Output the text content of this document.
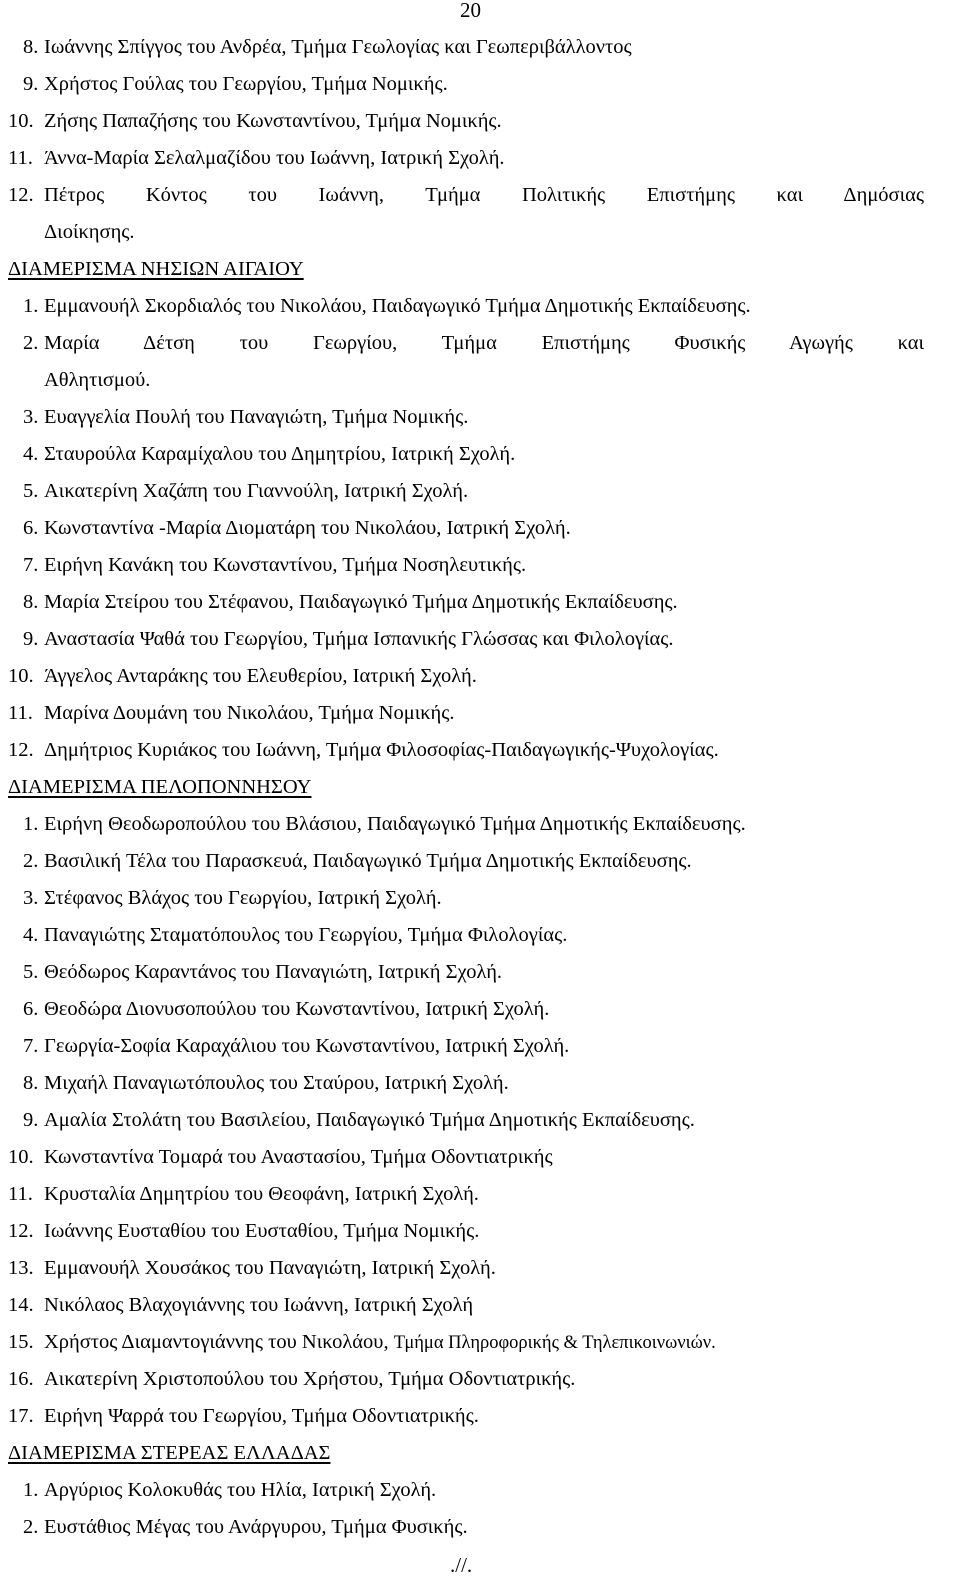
20
8. Ιωάννης Σπίγγος του Ανδρέα, Τμήμα Γεωλογίας και Γεωπεριβάλλοντος
9. Χρήστος Γούλας του Γεωργίου, Τμήμα Νομικής.
10. Ζήσης Παπαζήσης του Κωνσταντίνου, Τμήμα Νομικής.
11. Άννα-Μαρία Σελαλμαζίδου του Ιωάννη, Ιατρική Σχολή.
12. Πέτρος Κόντος του Ιωάννη, Τμήμα Πολιτικής Επιστήμης και Δημόσιας
Διοίκησης.
ΔΙΑΜΕΡΙΣΜΑ ΝΗΣΙΩΝ ΑΙΓΑΙΟΥ
1. Εμμανουήλ Σκορδιαλός του Νικολάου, Παιδαγωγικό Τμήμα Δημοτικής Εκπαίδευσης.
2. Μαρία Δέτση του Γεωργίου, Τμήμα Επιστήμης Φυσικής Αγωγής και
Αθλητισμού.
3. Ευαγγελία Πουλή του Παναγιώτη, Τμήμα Νομικής.
4. Σταυρούλα Καραμίχαλου του Δημητρίου, Ιατρική Σχολή.
5. Αικατερίνη Χαζάπη του Γιαννούλη, Ιατρική Σχολή.
6. Κωνσταντίνα -Μαρία Διοματάρη του Νικολάου, Ιατρική Σχολή.
7. Ειρήνη Κανάκη του Κωνσταντίνου, Τμήμα Νοσηλευτικής.
8. Μαρία Στείρου του Στέφανου, Παιδαγωγικό Τμήμα Δημοτικής Εκπαίδευσης.
9. Αναστασία Ψαθά του Γεωργίου, Τμήμα Ισπανικής Γλώσσας και Φιλολογίας.
10. Άγγελος Ανταράκης του Ελευθερίου, Ιατρική Σχολή.
11. Μαρίνα Δουμάνη του Νικολάου, Τμήμα Νομικής.
12. Δημήτριος Κυριάκος του Ιωάννη, Τμήμα Φιλοσοφίας-Παιδαγωγικής-Ψυχολογίας.
ΔΙΑΜΕΡΙΣΜΑ ΠΕΛΟΠΟΝΝΗΣΟΥ
1. Ειρήνη Θεοδωροπούλου του Βλάσιου, Παιδαγωγικό Τμήμα Δημοτικής Εκπαίδευσης.
2. Βασιλική Τέλα του Παρασκευά, Παιδαγωγικό Τμήμα Δημοτικής Εκπαίδευσης.
3. Στέφανος Βλάχος του Γεωργίου, Ιατρική Σχολή.
4. Παναγιώτης Σταματόπουλος του Γεωργίου, Τμήμα Φιλολογίας.
5. Θεόδωρος Καραντάνος του Παναγιώτη, Ιατρική Σχολή.
6. Θεοδώρα Διονυσοπούλου του Κωνσταντίνου, Ιατρική Σχολή.
7. Γεωργία-Σοφία Καραχάλιου του Κωνσταντίνου, Ιατρική Σχολή.
8. Μιχαήλ Παναγιωτόπουλος του Σταύρου, Ιατρική Σχολή.
9. Αμαλία Στολάτη του Βασιλείου, Παιδαγωγικό Τμήμα Δημοτικής Εκπαίδευσης.
10. Κωνσταντίνα Τομαρά του Αναστασίου, Τμήμα Οδοντιατρικής
11. Κρυσταλία Δημητρίου του Θεοφάνη, Ιατρική Σχολή.
12. Ιωάννης Ευσταθίου του Ευσταθίου, Τμήμα Νομικής.
13. Εμμανουήλ Χουσάκος του Παναγιώτη, Ιατρική Σχολή.
14. Νικόλαος Βλαχογιάννης του Ιωάννη, Ιατρική Σχολή
15. Χρήστος Διαμαντογιάννης του Νικολάου, Τμήμα Πληροφορικής & Τηλεπικοινωνιών.
16. Αικατερίνη Χριστοπούλου του Χρήστου, Τμήμα Οδοντιατρικής.
17. Ειρήνη Ψαρρά του Γεωργίου, Τμήμα Οδοντιατρικής.
ΔΙΑΜΕΡΙΣΜΑ ΣΤΕΡΕΑΣ ΕΛΛΑΔΑΣ
1. Αργύριος Κολοκυθάς του Ηλία, Ιατρική Σχολή.
2. Ευστάθιος Μέγας του Ανάργυρου, Τμήμα Φυσικής.
.//.
